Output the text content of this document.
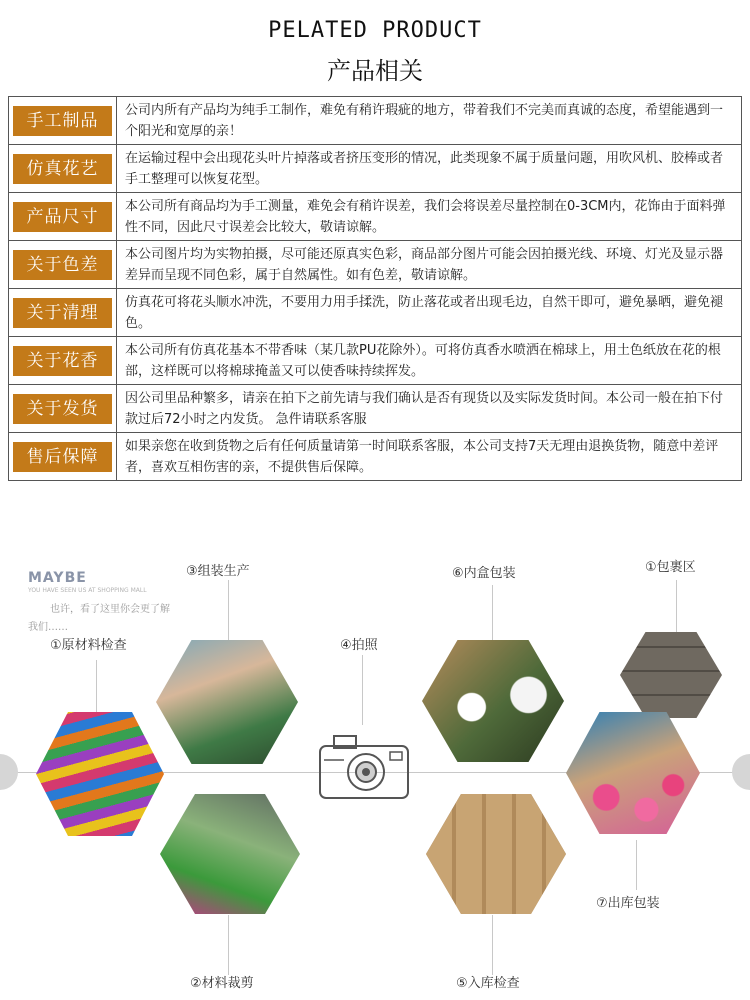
PELATED PRODUCT
产品相关
手工制品	公司内所有产品均为纯手工制作，难免有稍许瑕疵的地方，带着我们不完美而真诚的态度，希望能遇到一个阳光和宽厚的亲！

仿真花艺	在运输过程中会出现花头叶片掉落或者挤压变形的情况，此类现象不属于质量问题，用吹风机、胶棒或者手工整理可以恢复花型。

产品尺寸	本公司所有商品均为手工测量，难免会有稍许误差，我们会将误差尽量控制在0-3CM内，花饰由于面料弹性不同，因此尺寸误差会比较大，敬请谅解。

关于色差	本公司图片均为实物拍摄，尽可能还原真实色彩，商品部分图片可能会因拍摄光线、环境、灯光及显示器差异而呈现不同色彩，属于自然属性。如有色差，敬请谅解。

关于清理	仿真花可将花头顺水冲洗，不要用力用手揉洗，防止落花或者出现毛边，自然干即可，避免暴晒，避免褪色。

关于花香	本公司所有仿真花基本不带香味（某几款PU花除外）。可将仿真香水喷洒在棉球上，用土色纸放在花的根部，这样既可以将棉球掩盖又可以使香味持续挥发。

关于发货	因公司里品种繁多，请亲在拍下之前先请与我们确认是否有现货以及实际发货时间。本公司一般在拍下付款过后72小时之内发货。 急件请联系客服

售后保障	如果亲您在收到货物之后有任何质量请第一时间联系客服，本公司支持7天无理由退换货物，随意中差评者，喜欢互相伤害的亲，不提供售后保障。
MAYBE
YOU HAVE SEEN US AT SHOPPING MALL
也许，看了这里你会更了解
我们……
①原材料检查
③组装生产
④拍照
⑥内盒包装	①包裹区
②材料裁剪	⑤入库检查
⑦出库包装
